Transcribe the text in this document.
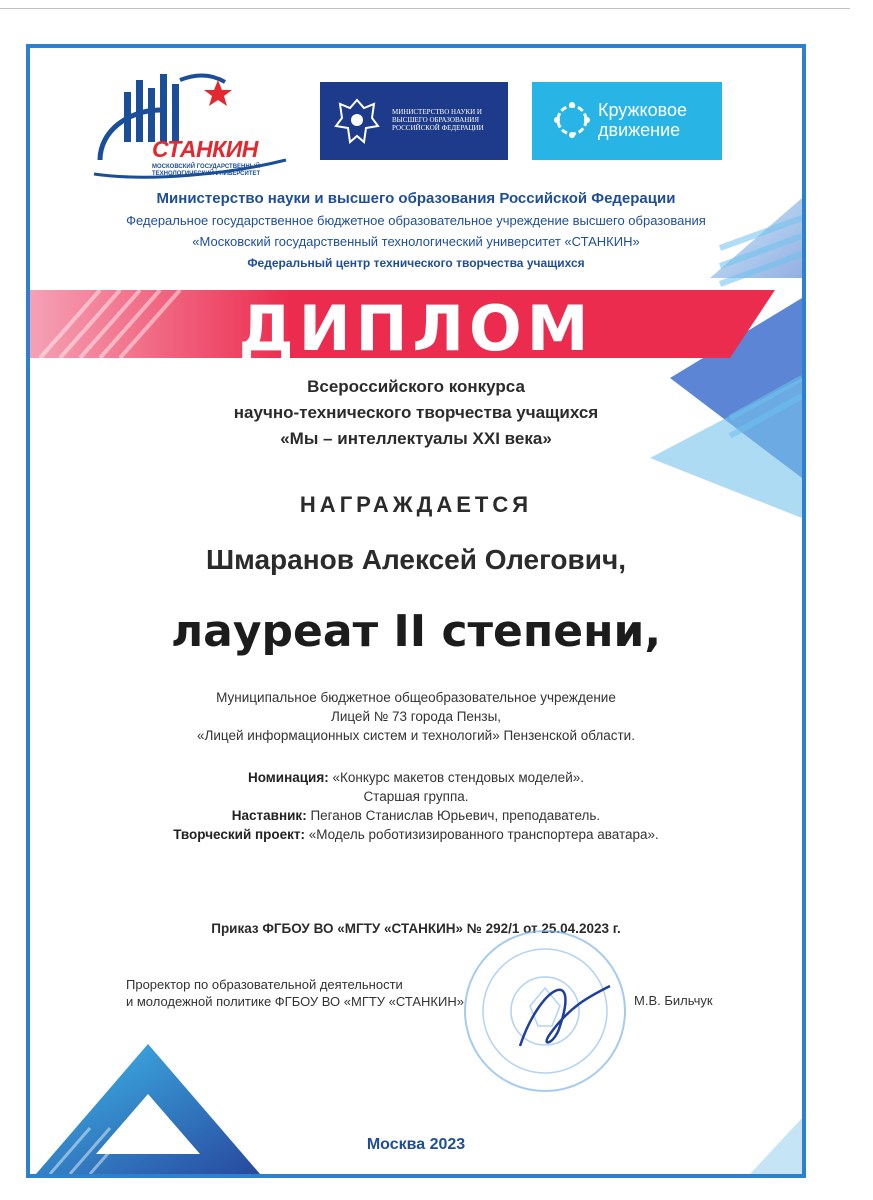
СТАНКИН
МОСКОВСКИЙ ГОСУДАРСТВЕННЫЙ ТЕХНОЛОГИЧЕСКИЙ УНИВЕРСИТЕТ
МИНИСТЕРСТВО НАУКИ И ВЫСШЕГО ОБРАЗОВАНИЯ РОССИЙСКОЙ ФЕДЕРАЦИИ
Кружковое
движение
Министерство науки и высшего образования Российской Федерации
Федеральное государственное бюджетное образовательное учреждение высшего образования
«Московский государственный технологический университет «СТАНКИН»
Федеральный центр технического творчества учащихся
ДИПЛОМ
Всероссийского конкурса
научно-технического творчества учащихся
«Мы – интеллектуалы XXI века»
НАГРАЖДАЕТСЯ
Шмаранов Алексей Олегович,
лауреат II степени,
Муниципальное бюджетное общеобразовательное учреждение
Лицей № 73 города Пензы,
«Лицей информационных систем и технологий» Пензенской области.
Номинация: «Конкурс макетов стендовых моделей».
Старшая группа.
Наставник: Пеганов Станислав Юрьевич, преподаватель.
Творческий проект: «Модель роботизизированного транспортера аватара».
Приказ ФГБОУ ВО «МГТУ «СТАНКИН» № 292/1 от 25.04.2023 г.
Проректор по образовательной деятельности
и молодежной политике ФГБОУ ВО «МГТУ «СТАНКИН»	М.В. Бильчук
Москва 2023
